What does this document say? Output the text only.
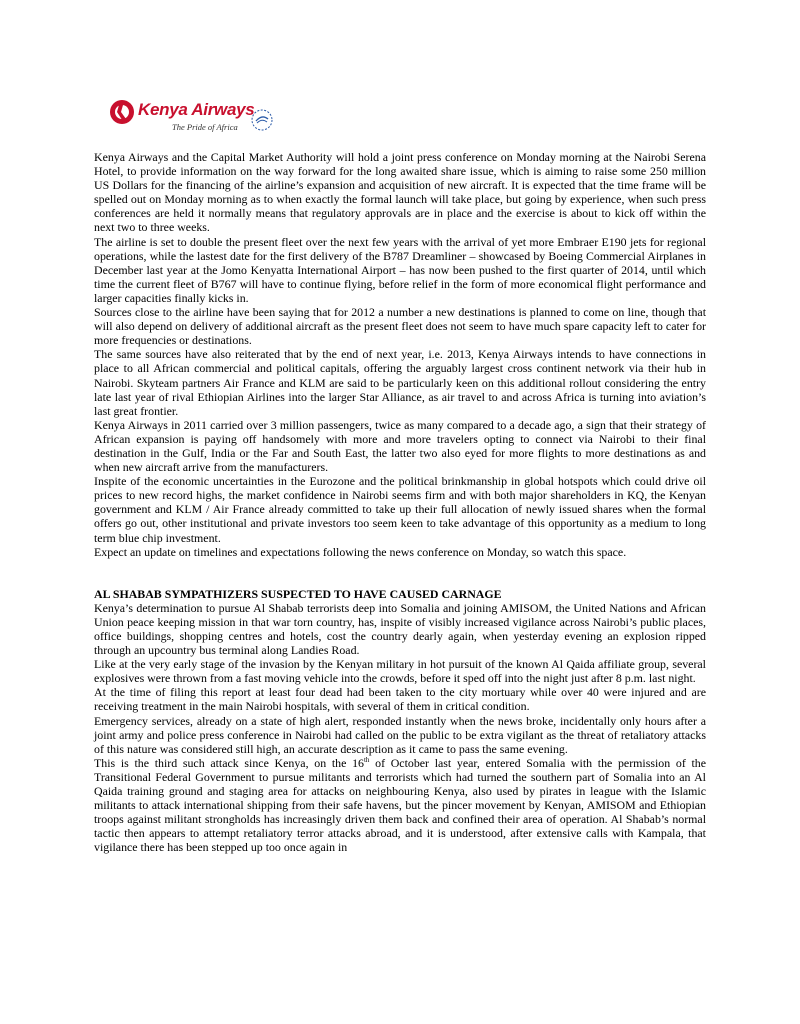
Kenya Airways
The Pride of Africa

Kenya Airways and the Capital Market Authority will hold a joint press conference on Monday morning at the Nairobi Serena Hotel, to provide information on the way forward for the long awaited share issue, which is aiming to raise some 250 million US Dollars for the financing of the airline’s expansion and acquisition of new aircraft. It is expected that the time frame will be spelled out on Monday morning as to when exactly the formal launch will take place, but going by experience, when such press conferences are held it normally means that regulatory approvals are in place and the exercise is about to kick off within the next two to three weeks.

The airline is set to double the present fleet over the next few years with the arrival of yet more Embraer E190 jets for regional operations, while the lastest date for the first delivery of the B787 Dreamliner – showcased by Boeing Commercial Airplanes in December last year at the Jomo Kenyatta International Airport – has now been pushed to the first quarter of 2014, until which time the current fleet of B767 will have to continue flying, before relief in the form of more economical flight performance and larger capacities finally kicks in.

Sources close to the airline have been saying that for 2012 a number a new destinations is planned to come on line, though that will also depend on delivery of additional aircraft as the present fleet does not seem to have much spare capacity left to cater for more frequencies or destinations.

The same sources have also reiterated that by the end of next year, i.e. 2013, Kenya Airways intends to have connections in place to all African commercial and political capitals, offering the arguably largest cross continent network via their hub in Nairobi. Skyteam partners Air France and KLM are said to be particularly keen on this additional rollout considering the entry late last year of rival Ethiopian Airlines into the larger Star Alliance, as air travel to and across Africa is turning into aviation’s last great frontier.

Kenya Airways in 2011 carried over 3 million passengers, twice as many compared to a decade ago, a sign that their strategy of African expansion is paying off handsomely with more and more travelers opting to connect via Nairobi to their final destination in the Gulf, India or the Far and South East, the latter two also eyed for more flights to more destinations as and when new aircraft arrive from the manufacturers.

Inspite of the economic uncertainties in the Eurozone and the political brinkmanship in global hotspots which could drive oil prices to new record highs, the market confidence in Nairobi seems firm and with both major shareholders in KQ, the Kenyan government and KLM / Air France already committed to take up their full allocation of newly issued shares when the formal offers go out, other institutional and private investors too seem keen to take advantage of this opportunity as a medium to long term blue chip investment.

Expect an update on timelines and expectations following the news conference on Monday, so watch this space.

AL SHABAB SYMPATHIZERS SUSPECTED TO HAVE CAUSED CARNAGE

Kenya’s determination to pursue Al Shabab terrorists deep into Somalia and joining AMISOM, the United Nations and African Union peace keeping mission in that war torn country, has, inspite of visibly increased vigilance across Nairobi’s public places, office buildings, shopping centres and hotels, cost the country dearly again, when yesterday evening an explosion ripped through an upcountry bus terminal along Landies Road.

Like at the very early stage of the invasion by the Kenyan military in hot pursuit of the known Al Qaida affiliate group, several explosives were thrown from a fast moving vehicle into the crowds, before it sped off into the night just after 8 p.m. last night.

At the time of filing this report at least four dead had been taken to the city mortuary while over 40 were injured and are receiving treatment in the main Nairobi hospitals, with several of them in critical condition.

Emergency services, already on a state of high alert, responded instantly when the news broke, incidentally only hours after a joint army and police press conference in Nairobi had called on the public to be extra vigilant as the threat of retaliatory attacks of this nature was considered still high, an accurate description as it came to pass the same evening.

This is the third such attack since Kenya, on the 16th of October last year, entered Somalia with the permission of the Transitional Federal Government to pursue militants and terrorists which had turned the southern part of Somalia into an Al Qaida training ground and staging area for attacks on neighbouring Kenya, also used by pirates in league with the Islamic militants to attack international shipping from their safe havens, but the pincer movement by Kenyan, AMISOM and Ethiopian troops against militant strongholds has increasingly driven them back and confined their area of operation. Al Shabab’s normal tactic then appears to attempt retaliatory terror attacks abroad, and it is understood, after extensive calls with Kampala, that vigilance there has been stepped up too once again in
